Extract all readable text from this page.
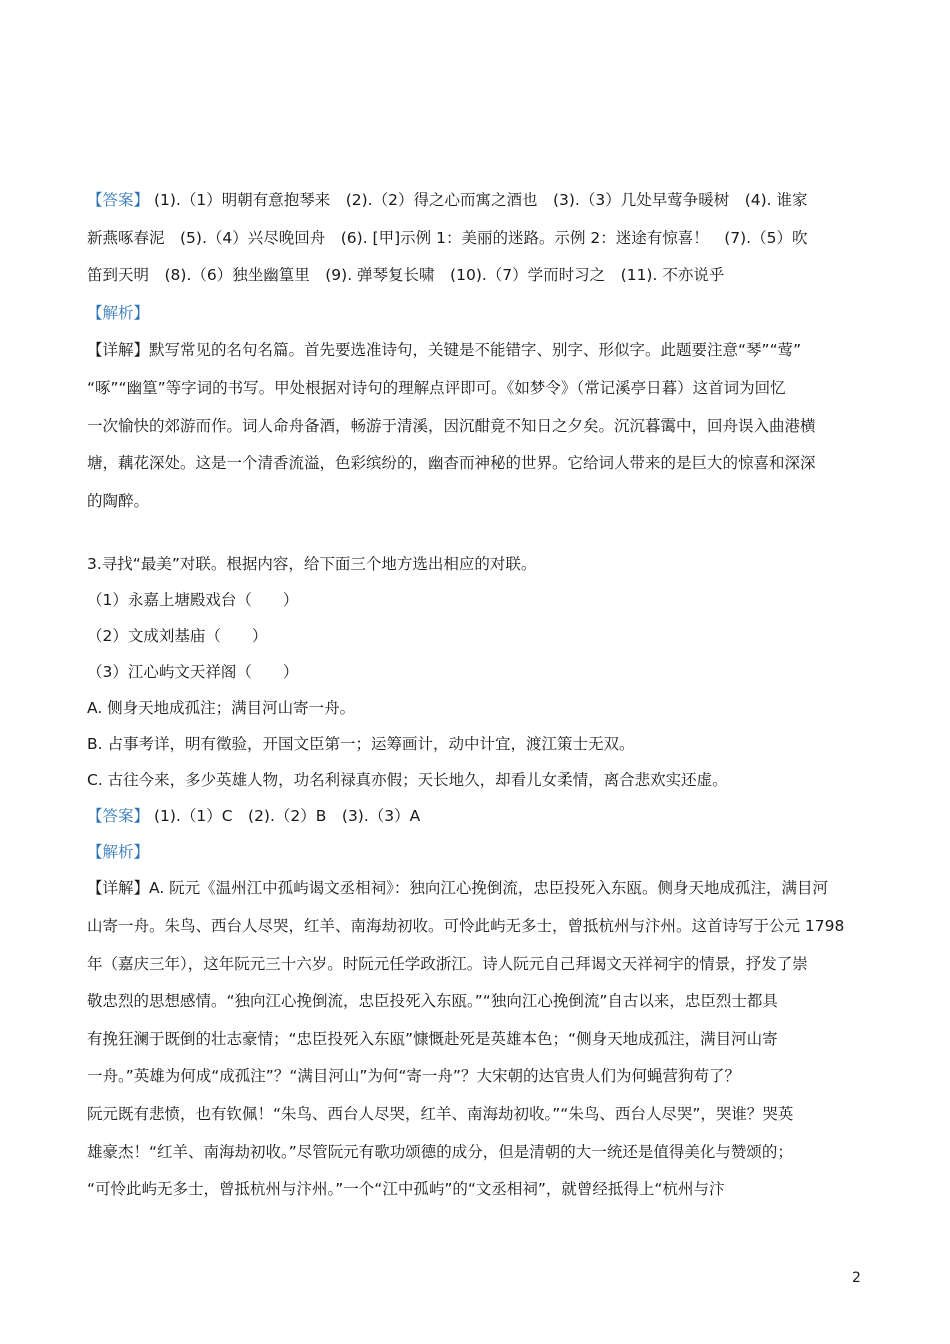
【答案】 (1).（1）明朝有意抱琴来　(2).（2）得之心而寓之酒也　(3).（3）几处早莺争暖树　(4). 谁家
新燕啄春泥　(5).（4）兴尽晚回舟　(6). [甲]示例 1：美丽的迷路。示例 2：迷途有惊喜！　(7).（5）吹
笛到天明　(8).（6）独坐幽篁里　(9). 弹琴复长啸　(10).（7）学而时习之　(11). 不亦说乎
【解析】
【详解】默写常见的名句名篇。首先要选准诗句，关键是不能错字、别字、形似字。此题要注意“琴”“莺”
“啄”“幽篁”等字词的书写。甲处根据对诗句的理解点评即可。《如梦令》（常记溪亭日暮）这首词为回忆
一次愉快的郊游而作。词人命舟备酒，畅游于清溪，因沉酣竟不知日之夕矣。沉沉暮霭中，回舟误入曲港横
塘，藕花深处。这是一个清香流溢，色彩缤纷的，幽杳而神秘的世界。它给词人带来的是巨大的惊喜和深深
的陶醉。
3.寻找“最美”对联。根据内容，给下面三个地方选出相应的对联。
（1）永嘉上塘殿戏台（　　）
（2）文成刘基庙（　　）
（3）江心屿文天祥阁（　　）
A. 侧身天地成孤注；满目河山寄一舟。
B. 占事考详，明有徵验，开国文臣第一；运筹画计，动中计宜，渡江策士无双。
C. 古往今来，多少英雄人物，功名利禄真亦假；天长地久，却看儿女柔情，离合悲欢实还虚。
【答案】 (1).（1）C　(2).（2）B　(3).（3）A
【解析】
【详解】A. 阮元《温州江中孤屿谒文丞相祠》：独向江心挽倒流，忠臣投死入东瓯。侧身天地成孤注，满目河
山寄一舟。朱鸟、西台人尽哭，红羊、南海劫初收。可怜此屿无多士，曾抵杭州与汴州。这首诗写于公元 1798
年（嘉庆三年），这年阮元三十六岁。时阮元任学政浙江。诗人阮元自己拜谒文天祥祠宇的情景，抒发了崇
敬忠烈的思想感情。“独向江心挽倒流，忠臣投死入东瓯。”“独向江心挽倒流”自古以来，忠臣烈士都具
有挽狂澜于既倒的壮志豪情；“忠臣投死入东瓯”慷慨赴死是英雄本色；“侧身天地成孤注，满目河山寄
一舟。”英雄为何成“成孤注”？“满目河山”为何“寄一舟”？大宋朝的达官贵人们为何蝇营狗苟了？
阮元既有悲愤，也有钦佩！“朱鸟、西台人尽哭，红羊、南海劫初收。”“朱鸟、西台人尽哭”，哭谁？哭英
雄豪杰！“红羊、南海劫初收。”尽管阮元有歌功颂德的成分，但是清朝的大一统还是值得美化与赞颂的；
“可怜此屿无多士，曾抵杭州与汴州。”一个“江中孤屿”的“文丞相祠”，就曾经抵得上“杭州与汴
2
